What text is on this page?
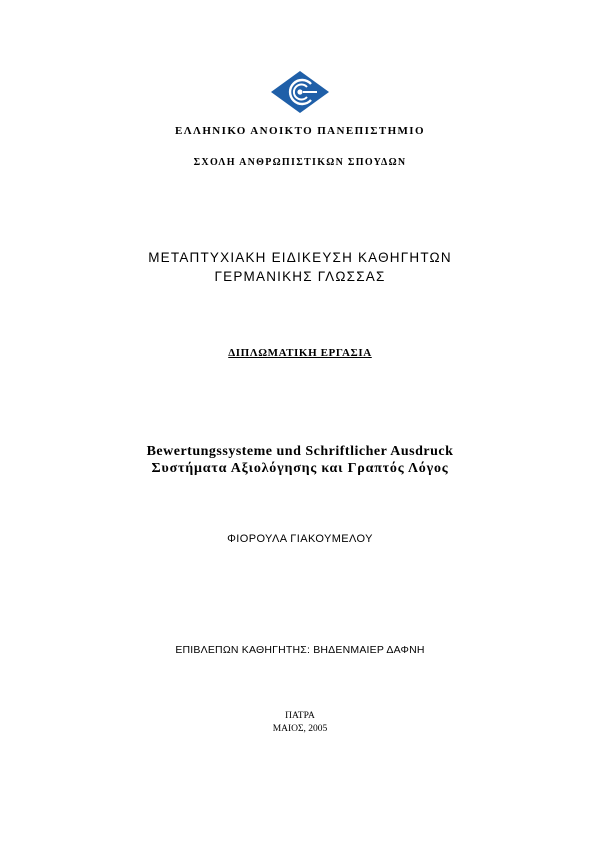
ΕΛΛΗΝΙΚΟ ΑΝΟΙΚΤΟ ΠΑΝΕΠΙΣΤΗΜΙΟ
ΣΧΟΛΗ ΑΝΘΡΩΠΙΣΤΙΚΩΝ ΣΠΟΥΔΩΝ
ΜΕΤΑΠΤΥΧΙΑΚΗ ΕΙΔΙΚΕΥΣΗ ΚΑΘΗΓΗΤΩΝ
ΓΕΡΜΑΝΙΚΗΣ ΓΛΩΣΣΑΣ
ΔΙΠΛΩΜΑΤΙΚΗ ΕΡΓΑΣΙΑ
Bewertungssysteme und Schriftlicher Ausdruck
Συστήματα Αξιολόγησης και Γραπτός Λόγος
ΦΙΟΡΟΥΛΑ ΓΙΑΚΟΥΜΕΛΟΥ
ΕΠΙΒΛΕΠΩΝ ΚΑΘΗΓΗΤΗΣ: ΒΗΔΕΝΜΑΙΕΡ ΔΑΦΝΗ
ΠΑΤΡΑ
ΜΑΙΟΣ, 2005
